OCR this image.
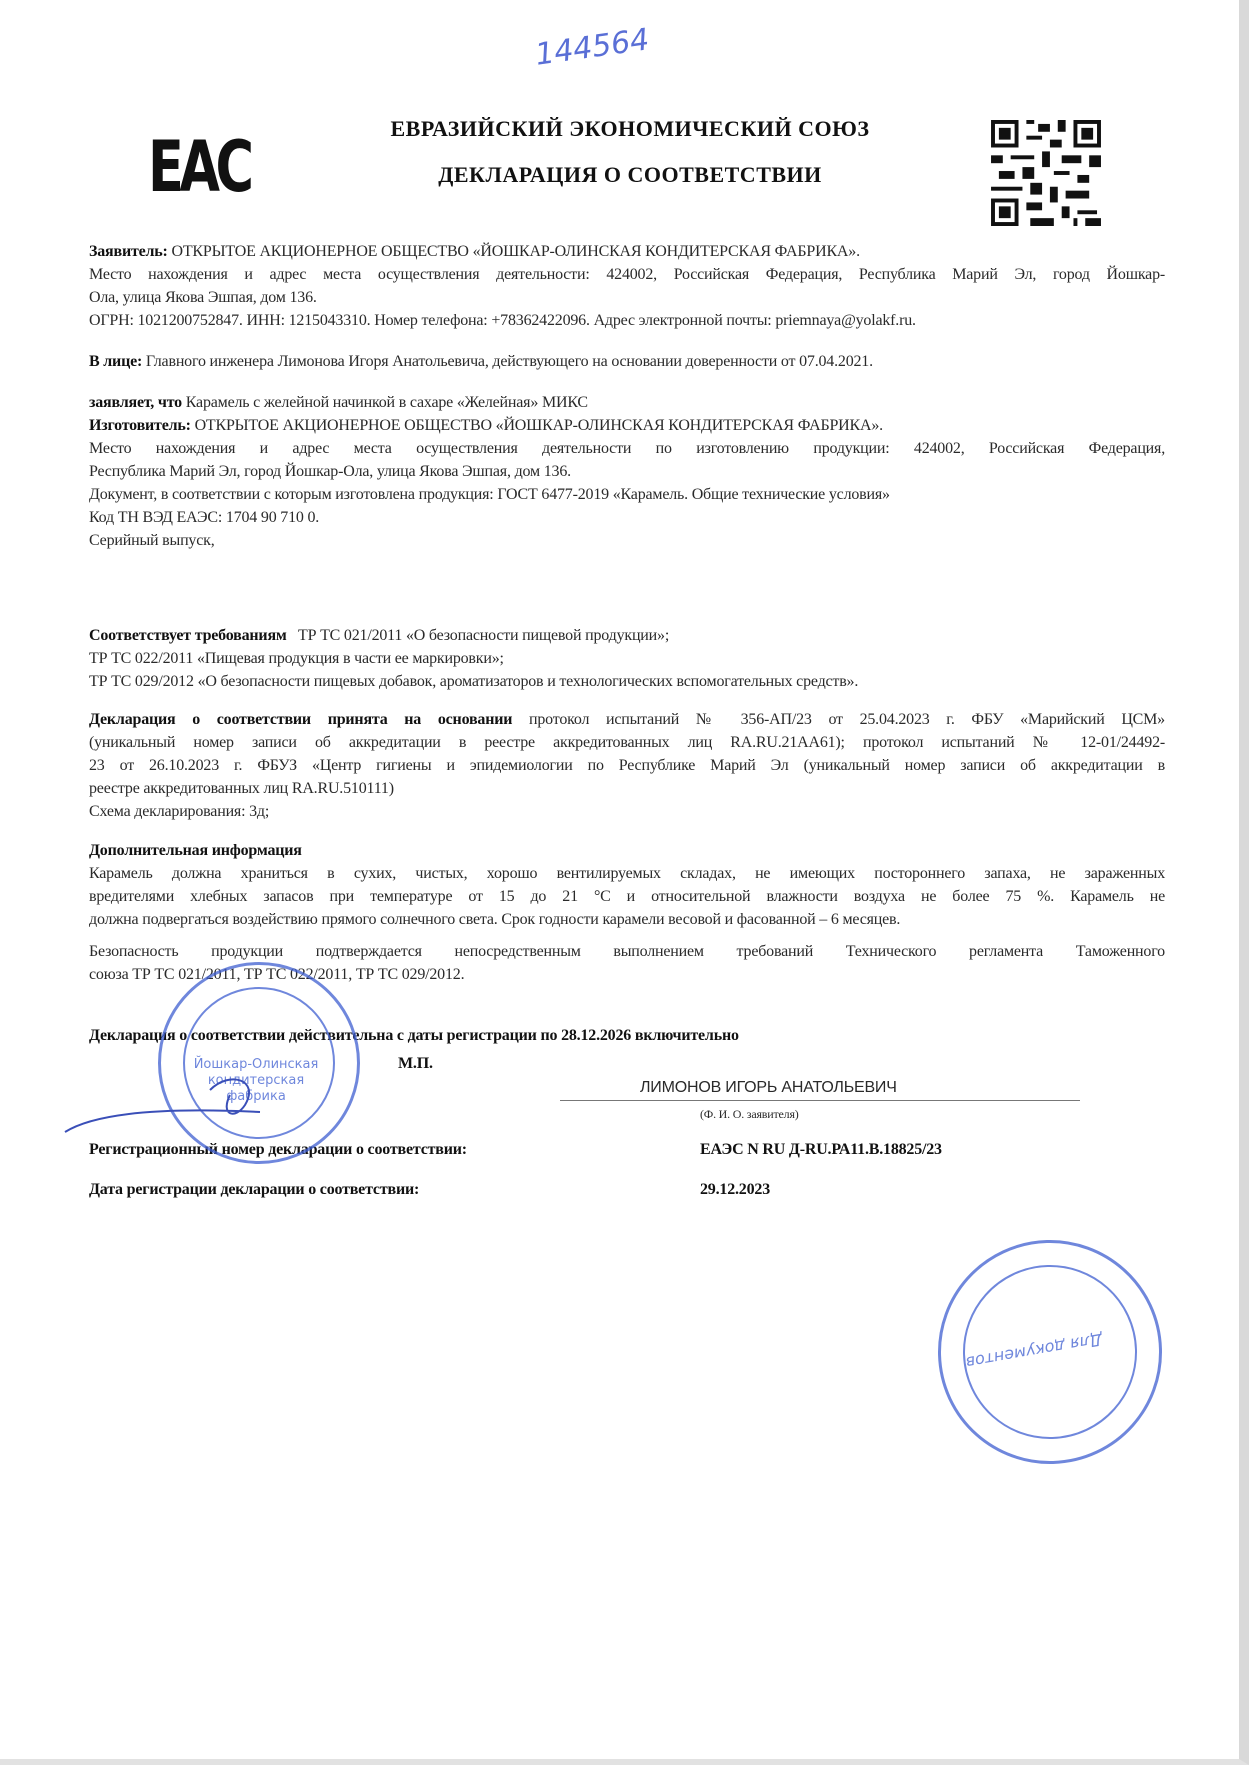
144564
EAC	ЕВРАЗИЙСКИЙ ЭКОНОМИЧЕСКИЙ СОЮЗ
ДЕКЛАРАЦИЯ О СООТВЕТСТВИИ
Заявитель: ОТКРЫТОЕ АКЦИОНЕРНОЕ ОБЩЕСТВО «ЙОШКАР-ОЛИНСКАЯ КОНДИТЕРСКАЯ ФАБРИКА».
Место нахождения и адрес места осуществления деятельности: 424002, Российская Федерация, Республика Марий Эл, город Йошкар-
Ола, улица Якова Эшпая, дом 136.
ОГРН: 1021200752847. ИНН: 1215043310. Номер телефона: +78362422096. Адрес электронной почты: priemnaya@yolakf.ru.
В лице: Главного инженера Лимонова Игоря Анатольевича, действующего на основании доверенности от 07.04.2021.
заявляет, что Карамель с желейной начинкой в сахаре «Желейная» МИКС
Изготовитель: ОТКРЫТОЕ АКЦИОНЕРНОЕ ОБЩЕСТВО «ЙОШКАР-ОЛИНСКАЯ КОНДИТЕРСКАЯ ФАБРИКА».
Место нахождения и адрес места осуществления деятельности по изготовлению продукции: 424002, Российская Федерация,
Республика Марий Эл, город Йошкар-Ола, улица Якова Эшпая, дом 136.
Документ, в соответствии с которым изготовлена продукция: ГОСТ 6477-2019 «Карамель. Общие технические условия»
Код ТН ВЭД ЕАЭС: 1704 90 710 0.
Серийный выпуск,
Соответствует требованиям   ТР ТС 021/2011 «О безопасности пищевой продукции»;
ТР ТС 022/2011 «Пищевая продукция в части ее маркировки»;
ТР ТС 029/2012 «О безопасности пищевых добавок, ароматизаторов и технологических вспомогательных средств».
Декларация о соответствии принята на основании протокол испытаний № 356-АП/23 от 25.04.2023 г. ФБУ «Марийский ЦСМ»
(уникальный номер записи об аккредитации в реестре аккредитованных лиц RA.RU.21АА61); протокол испытаний № 12-01/24492-
23 от 26.10.2023 г. ФБУЗ «Центр гигиены и эпидемиологии по Республике Марий Эл (уникальный номер записи об аккредитации в
реестре аккредитованных лиц RA.RU.510111)
Схема декларирования: 3д;
Дополнительная информация
Карамель должна храниться в сухих, чистых, хорошо вентилируемых складах, не имеющих постороннего запаха, не зараженных
вредителями хлебных запасов при температуре от 15 до 21 °С и относительной влажности воздуха не более 75 %. Карамель не
должна подвергаться воздействию прямого солнечного света. Срок годности карамели весовой и фасованной – 6 месяцев.
Безопасность продукции подтверждается непосредственным выполнением требований Технического регламента Таможенного
союза ТР ТС 021/2011, ТР ТС 022/2011, ТР ТС 029/2012.
Декларация о соответствии действительна с даты регистрации по 28.12.2026 включительно
М.П.
ЛИМОНОВ ИГОРЬ АНАТОЛЬЕВИЧ
(Ф. И. О. заявителя)
Регистрационный номер декларации о соответствии:	ЕАЭС N RU Д-RU.РА11.В.18825/23
Дата регистрации декларации о соответствии:	29.12.2023
Йошкар-Олинская кондитерская фабрика
Для документов
